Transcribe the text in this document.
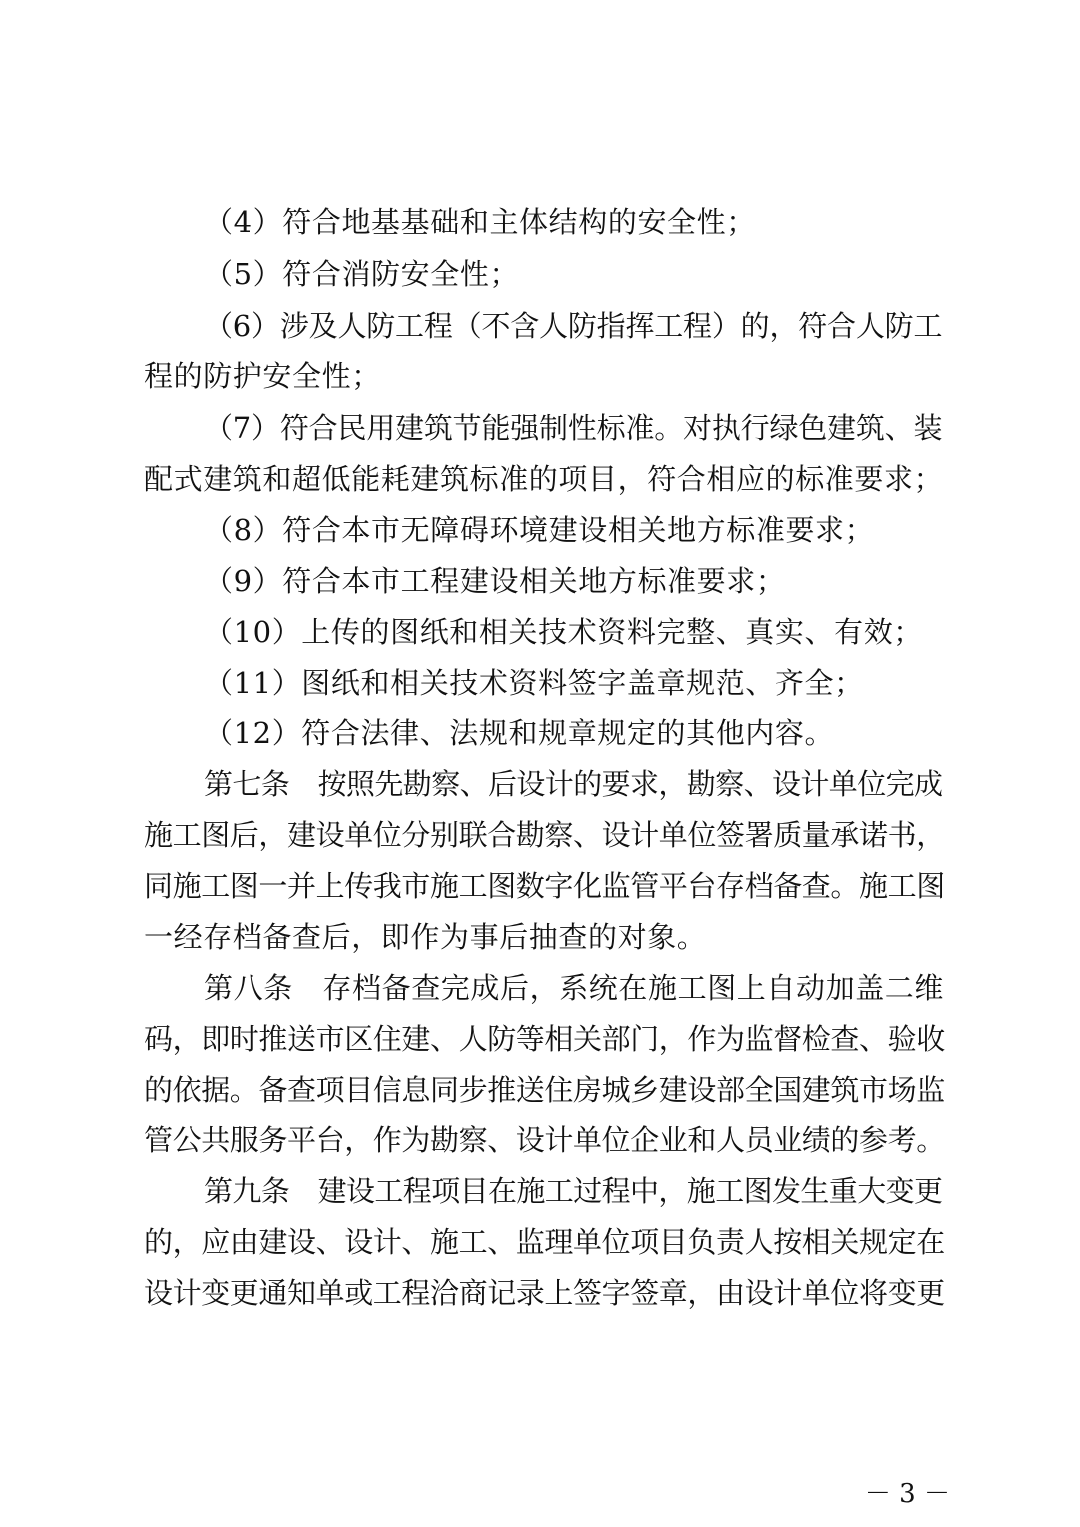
（4）符合地基基础和主体结构的安全性；
（5）符合消防安全性；
（6）涉及人防工程（不含人防指挥工程）的，符合人防工
程的防护安全性；
（7）符合民用建筑节能强制性标准。对执行绿色建筑、装
配式建筑和超低能耗建筑标准的项目，符合相应的标准要求；
（8）符合本市无障碍环境建设相关地方标准要求；
（9）符合本市工程建设相关地方标准要求；
（10）上传的图纸和相关技术资料完整、真实、有效；
（11）图纸和相关技术资料签字盖章规范、齐全；
（12）符合法律、法规和规章规定的其他内容。
第七条　按照先勘察、后设计的要求，勘察、设计单位完成
施工图后，建设单位分别联合勘察、设计单位签署质量承诺书，
同施工图一并上传我市施工图数字化监管平台存档备查。施工图
一经存档备查后，即作为事后抽查的对象。
第八条　存档备查完成后，系统在施工图上自动加盖二维
码，即时推送市区住建、人防等相关部门，作为监督检查、验收
的依据。备查项目信息同步推送住房城乡建设部全国建筑市场监
管公共服务平台，作为勘察、设计单位企业和人员业绩的参考。
第九条　建设工程项目在施工过程中，施工图发生重大变更
的，应由建设、设计、施工、监理单位项目负责人按相关规定在
设计变更通知单或工程洽商记录上签字签章，由设计单位将变更
－ 3 －
